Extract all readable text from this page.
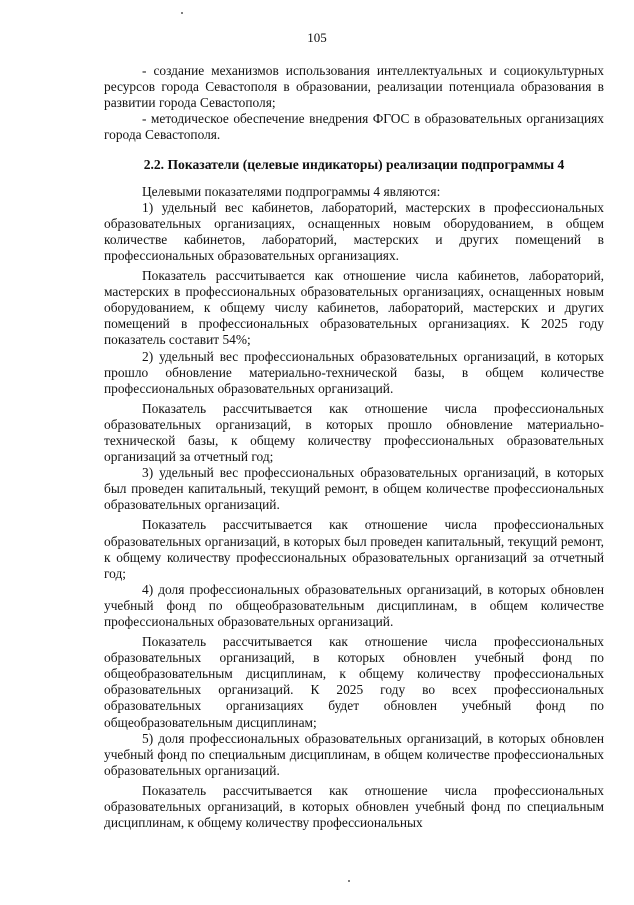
105

- создание механизмов использования интеллектуальных и социокультурных ресурсов города Севастополя в образовании, реализации потенциала образования в развитии города Севастополя;

- методическое обеспечение внедрения ФГОС в образовательных организациях города Севастополя.

2.2. Показатели (целевые индикаторы) реализации подпрограммы 4

Целевыми показателями подпрограммы 4 являются:

1) удельный вес кабинетов, лабораторий, мастерских в профессиональных образовательных организациях, оснащенных новым оборудованием, в общем количестве кабинетов, лабораторий, мастерских и других помещений в профессиональных образовательных организациях.

Показатель рассчитывается как отношение числа кабинетов, лабораторий, мастерских в профессиональных образовательных организациях, оснащенных новым оборудованием, к общему числу кабинетов, лабораторий, мастерских и других помещений в профессиональных образовательных организациях. К 2025 году показатель составит 54%;

2) удельный вес профессиональных образовательных организаций, в которых прошло обновление материально-технической базы, в общем количестве профессиональных образовательных организаций.

Показатель рассчитывается как отношение числа профессиональных образовательных организаций, в которых прошло обновление материально-технической базы, к общему количеству профессиональных образовательных организаций за отчетный год;

3) удельный вес профессиональных образовательных организаций, в которых был проведен капитальный, текущий ремонт, в общем количестве профессиональных образовательных организаций.

Показатель рассчитывается как отношение числа профессиональных образовательных организаций, в которых был проведен капитальный, текущий ремонт, к общему количеству профессиональных образовательных организаций за отчетный год;

4) доля профессиональных образовательных организаций, в которых обновлен учебный фонд по общеобразовательным дисциплинам, в общем количестве профессиональных образовательных организаций.

Показатель рассчитывается как отношение числа профессиональных образовательных организаций, в которых обновлен учебный фонд по общеобразовательным дисциплинам, к общему количеству профессиональных образовательных организаций. К 2025 году во всех профессиональных образовательных организациях будет обновлен учебный фонд по общеобразовательным дисциплинам;

5) доля профессиональных образовательных организаций, в которых обновлен учебный фонд по специальным дисциплинам, в общем количестве профессиональных образовательных организаций.

Показатель рассчитывается как отношение числа профессиональных образовательных организаций, в которых обновлен учебный фонд по специальным дисциплинам, к общему количеству профессиональных
